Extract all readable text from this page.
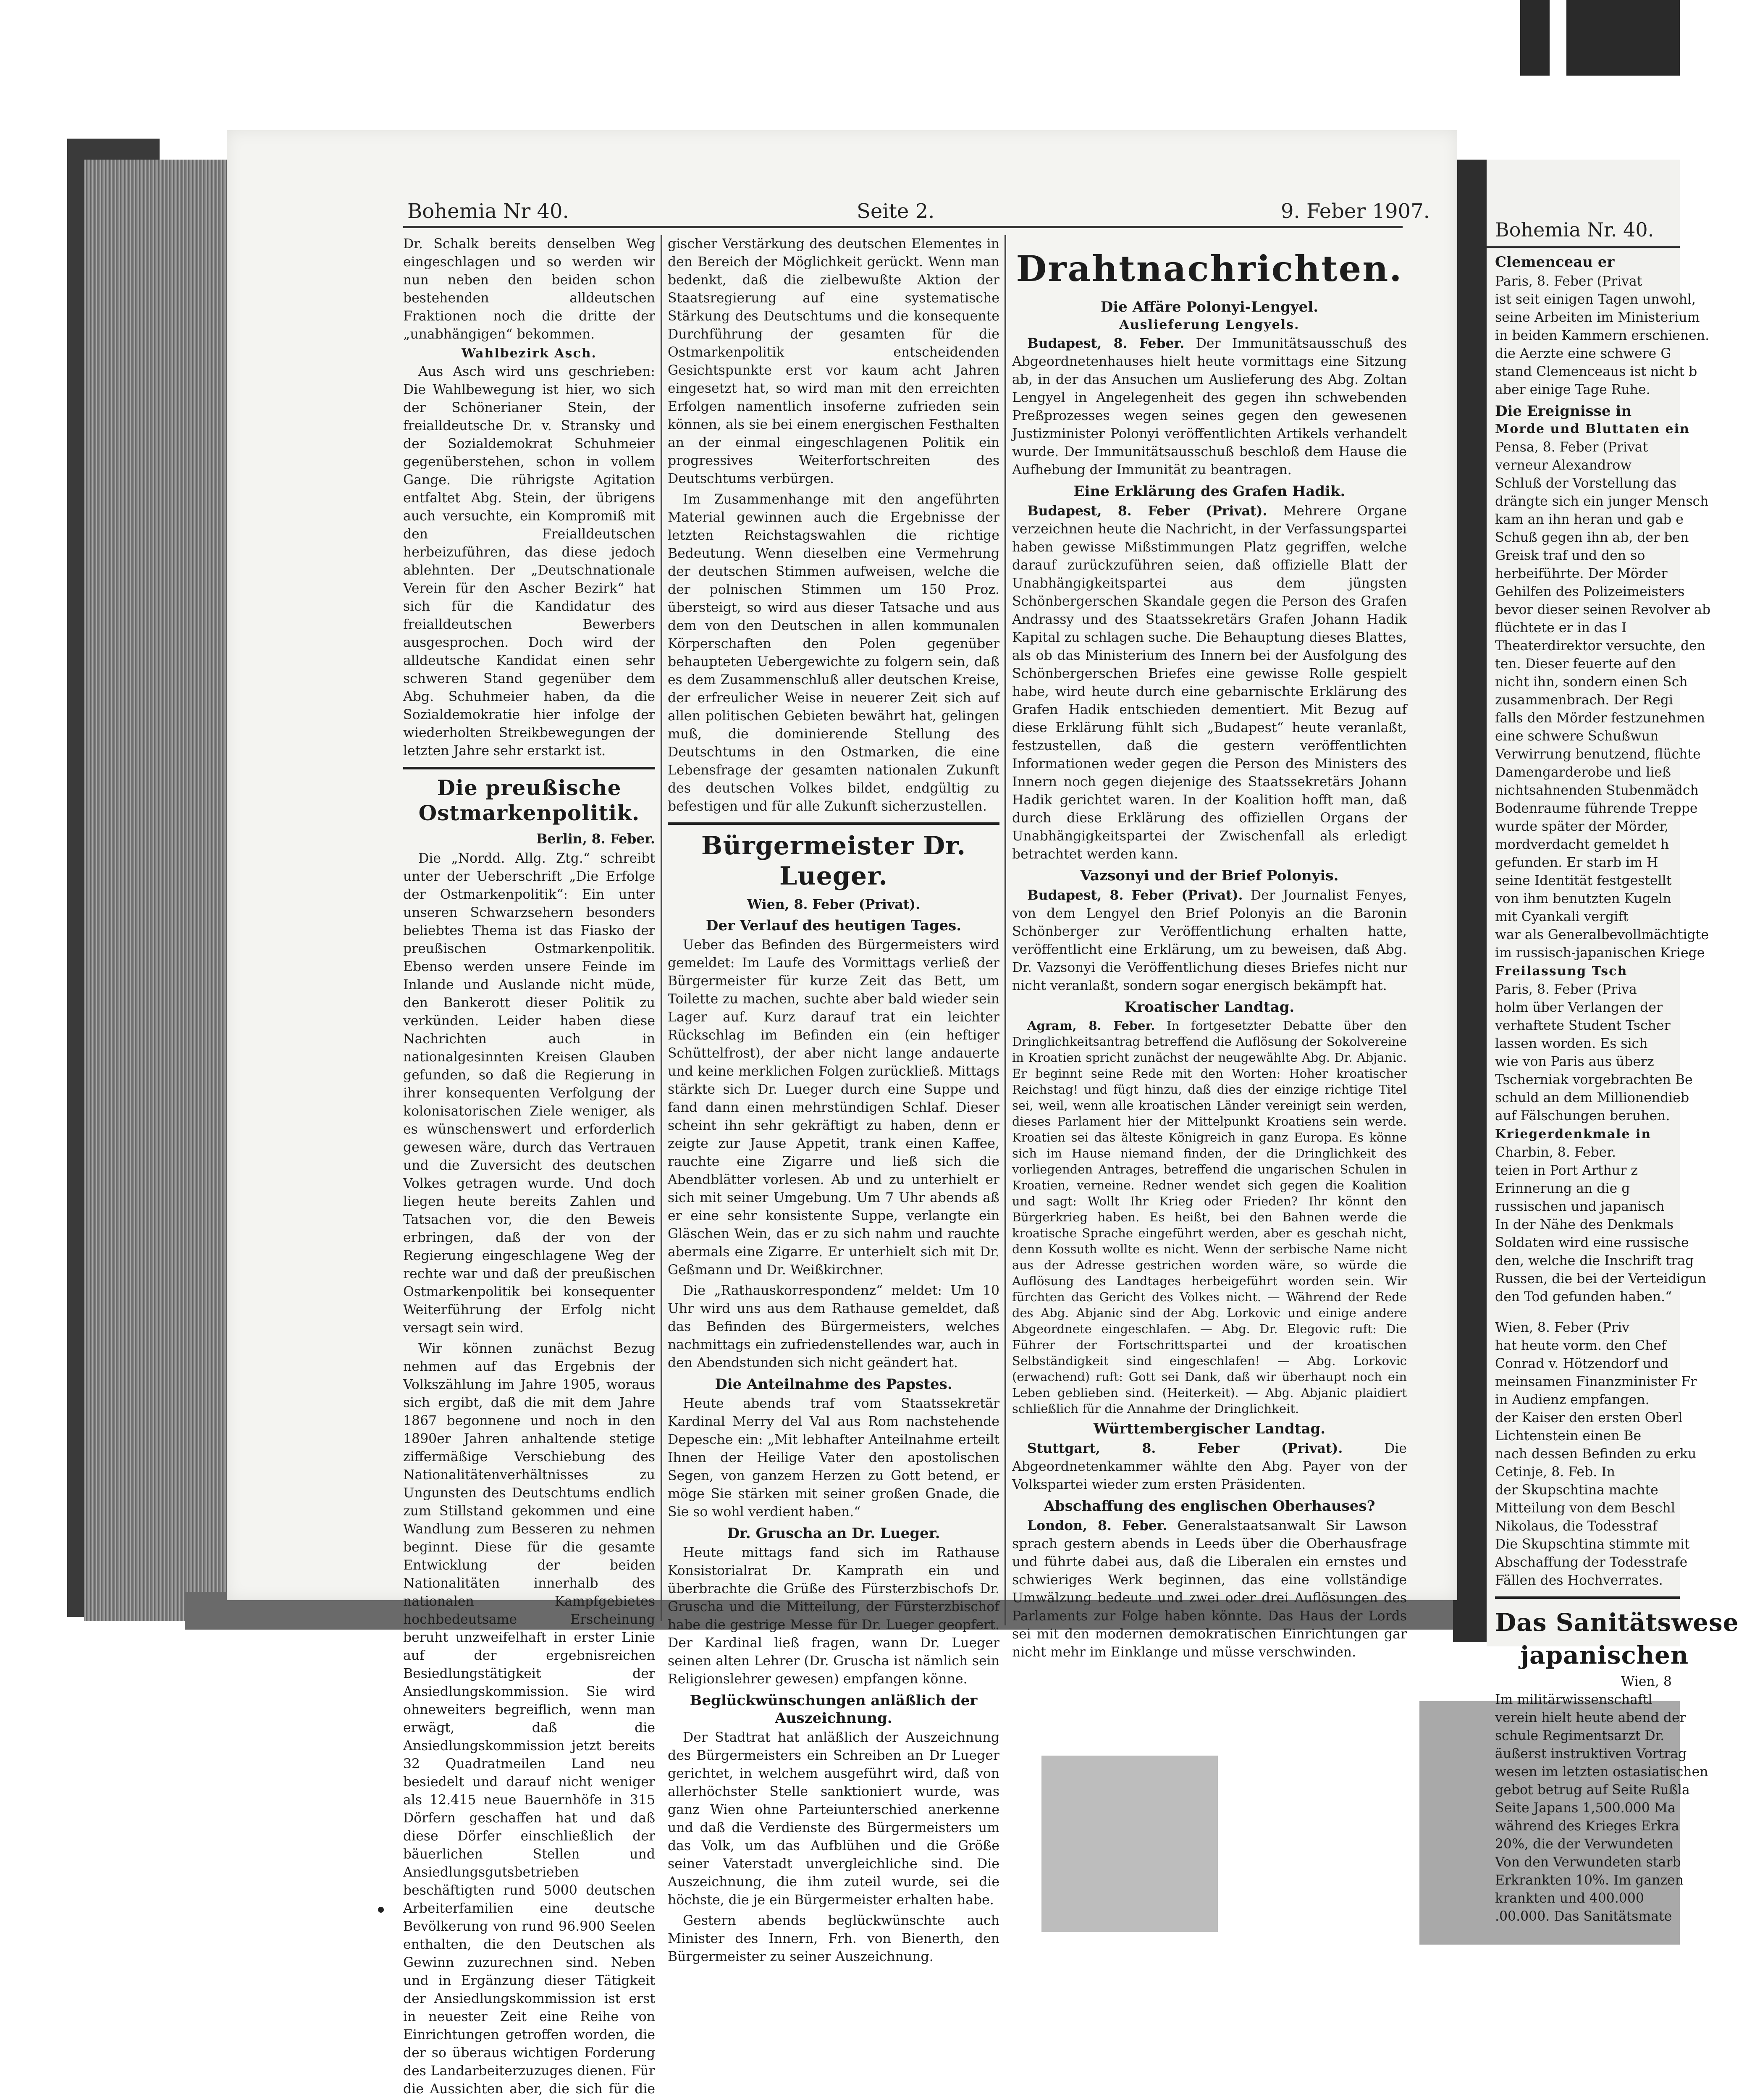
Bohemia Nr 40.	Seite 2.	9. Feber 1907.

Dr. Schalk bereits denselben Weg eingeschlagen und so werden wir nun neben den beiden schon bestehenden alldeutschen Fraktionen noch die dritte der „unabhängigen“ bekommen.

Wahlbezirk Asch.

Aus Asch wird uns geschrieben: Die Wahlbewegung ist hier, wo sich der Schönerianer Stein, der freialldeutsche Dr. v. Stransky und der Sozialdemokrat Schuhmeier gegenüberstehen, schon in vollem Gange. Die rührigste Agitation entfaltet Abg. Stein, der übrigens auch versuchte, ein Kompromiß mit den Freialldeutschen herbeizuführen, das diese jedoch ablehnten. Der „Deutschnationale Verein für den Ascher Bezirk“ hat sich für die Kandidatur des freialldeutschen Bewerbers ausgesprochen. Doch wird der alldeutsche Kandidat einen sehr schweren Stand gegenüber dem Abg. Schuhmeier haben, da die Sozialdemokratie hier infolge der wiederholten Streikbewegungen der letzten Jahre sehr erstarkt ist.

Die preußische Ostmarkenpolitik.
Berlin, 8. Feber.

Die „Nordd. Allg. Ztg.“ schreibt unter der Ueberschrift „Die Erfolge der Ostmarkenpolitik“: Ein unter unseren Schwarzsehern besonders beliebtes Thema ist das Fiasko der preußischen Ostmarkenpolitik. Ebenso werden unsere Feinde im Inlande und Auslande nicht müde, den Bankerott dieser Politik zu verkünden. Leider haben diese Nachrichten auch in nationalgesinnten Kreisen Glauben gefunden, so daß die Regierung in ihrer konsequenten Verfolgung der kolonisatorischen Ziele weniger, als es wünschenswert und erforderlich gewesen wäre, durch das Vertrauen und die Zuversicht des deutschen Volkes getragen wurde. Und doch liegen heute bereits Zahlen und Tatsachen vor, die den Beweis erbringen, daß der von der Regierung eingeschlagene Weg der rechte war und daß der preußischen Ostmarkenpolitik bei konsequenter Weiterführung der Erfolg nicht versagt sein wird.

Wir können zunächst Bezug nehmen auf das Ergebnis der Volkszählung im Jahre 1905, woraus sich ergibt, daß die mit dem Jahre 1867 begonnene und noch in den 1890er Jahren anhaltende stetige ziffermäßige Verschiebung des Nationalitätenverhältnisses zu Ungunsten des Deutschtums endlich zum Stillstand gekommen und eine Wandlung zum Besseren zu nehmen beginnt. Diese für die gesamte Entwicklung der beiden Nationalitäten innerhalb des nationalen Kampfgebietes hochbedeutsame Erscheinung beruht unzweifelhaft in erster Linie auf der ergebnisreichen Besiedlungstätigkeit der Ansiedlungskommission. Sie wird ohneweiters begreiflich, wenn man erwägt, daß die Ansiedlungskommission jetzt bereits 32 Quadratmeilen Land neu besiedelt und darauf nicht weniger als 12.415 neue Bauernhöfe in 315 Dörfern geschaffen hat und daß diese Dörfer einschließlich der bäuerlichen Stellen und Ansiedlungsgutsbetrieben beschäftigten rund 5000 deutschen Arbeiterfamilien eine deutsche Bevölkerung von rund 96.900 Seelen enthalten, die den Deutschen als Gewinn zuzurechnen sind. Neben und in Ergänzung dieser Tätigkeit der Ansiedlungskommission ist erst in neuester Zeit eine Reihe von Einrichtungen getroffen worden, die der so überaus wichtigen Forderung des Landarbeiterzuzuges dienen. Für die Aussichten aber, die sich für die

gischer Verstärkung des deutschen Elementes in den Bereich der Möglichkeit gerückt. Wenn man bedenkt, daß die zielbewußte Aktion der Staatsregierung auf eine systematische Stärkung des Deutschtums und die konsequente Durchführung der gesamten für die Ostmarkenpolitik entscheidenden Gesichtspunkte erst vor kaum acht Jahren eingesetzt hat, so wird man mit den erreichten Erfolgen namentlich insoferne zufrieden sein können, als sie bei einem energischen Festhalten an der einmal eingeschlagenen Politik ein progressives Weiterfortschreiten des Deutschtums verbürgen.

Im Zusammenhange mit den angeführten Material gewinnen auch die Ergebnisse der letzten Reichstagswahlen die richtige Bedeutung. Wenn dieselben eine Vermehrung der deutschen Stimmen aufweisen, welche die der polnischen Stimmen um 150 Proz. übersteigt, so wird aus dieser Tatsache und aus dem von den Deutschen in allen kommunalen Körperschaften den Polen gegenüber behaupteten Uebergewichte zu folgern sein, daß es dem Zusammenschluß aller deutschen Kreise, der erfreulicher Weise in neuerer Zeit sich auf allen politischen Gebieten bewährt hat, gelingen muß, die dominierende Stellung des Deutschtums in den Ostmarken, die eine Lebensfrage der gesamten nationalen Zukunft des deutschen Volkes bildet, endgültig zu befestigen und für alle Zukunft sicherzustellen.

Bürgermeister Dr. Lueger.
Wien, 8. Feber (Privat).
Der Verlauf des heutigen Tages.

Ueber das Befinden des Bürgermeisters wird gemeldet: Im Laufe des Vormittags verließ der Bürgermeister für kurze Zeit das Bett, um Toilette zu machen, suchte aber bald wieder sein Lager auf. Kurz darauf trat ein leichter Rückschlag im Befinden ein (ein heftiger Schüttelfrost), der aber nicht lange andauerte und keine merklichen Folgen zurückließ. Mittags stärkte sich Dr. Lueger durch eine Suppe und fand dann einen mehrstündigen Schlaf. Dieser scheint ihn sehr gekräftigt zu haben, denn er zeigte zur Jause Appetit, trank einen Kaffee, rauchte eine Zigarre und ließ sich die Abendblätter vorlesen. Ab und zu unterhielt er sich mit seiner Umgebung. Um 7 Uhr abends aß er eine sehr konsistente Suppe, verlangte ein Gläschen Wein, das er zu sich nahm und rauchte abermals eine Zigarre. Er unterhielt sich mit Dr. Geßmann und Dr. Weißkirchner.

Die „Rathauskorrespondenz“ meldet: Um 10 Uhr wird uns aus dem Rathause gemeldet, daß das Befinden des Bürgermeisters, welches nachmittags ein zufriedenstellendes war, auch in den Abendstunden sich nicht geändert hat.

Die Anteilnahme des Papstes.

Heute abends traf vom Staatssekretär Kardinal Merry del Val aus Rom nachstehende Depesche ein: „Mit lebhafter Anteilnahme erteilt Ihnen der Heilige Vater den apostolischen Segen, von ganzem Herzen zu Gott betend, er möge Sie stärken mit seiner großen Gnade, die Sie so wohl verdient haben.“

Dr. Gruscha an Dr. Lueger.

Heute mittags fand sich im Rathause Konsistorialrat Dr. Kamprath ein und überbrachte die Grüße des Fürsterzbischofs Dr. Gruscha und die Mitteilung, der Fürsterzbischof habe die gestrige Messe für Dr. Lueger geopfert. Der Kardinal ließ fragen, wann Dr. Lueger seinen alten Lehrer (Dr. Gruscha ist nämlich sein Religionslehrer gewesen) empfangen könne.

Beglückwünschungen anläßlich der Auszeichnung.

Der Stadtrat hat anläßlich der Auszeichnung des Bürgermeisters ein Schreiben an Dr Lueger gerichtet, in welchem ausgeführt wird, daß von allerhöchster Stelle sanktioniert wurde, was ganz Wien ohne Parteiunterschied anerkenne und daß die Verdienste des Bürgermeisters um das Volk, um das Aufblühen und die Größe seiner Vaterstadt unvergleichliche sind. Die Auszeichnung, die ihm zuteil wurde, sei die höchste, die je ein Bürgermeister erhalten habe.

Gestern abends beglückwünschte auch Minister des Innern, Frh. von Bienerth, den Bürgermeister zu seiner Auszeichnung.

Drahtnachrichten.
Die Affäre Polonyi-Lengyel.
Auslieferung Lengyels.

Budapest, 8. Feber. Der Immunitätsausschuß des Abgeordnetenhauses hielt heute vormittags eine Sitzung ab, in der das Ansuchen um Auslieferung des Abg. Zoltan Lengyel in Angelegenheit des gegen ihn schwebenden Preßprozesses wegen seines gegen den gewesenen Justizminister Polonyi veröffentlichten Artikels verhandelt wurde. Der Immunitätsausschuß beschloß dem Hause die Aufhebung der Immunität zu beantragen.

Eine Erklärung des Grafen Hadik.

Budapest, 8. Feber (Privat). Mehrere Organe verzeichnen heute die Nachricht, in der Verfassungspartei haben gewisse Mißstimmungen Platz gegriffen, welche darauf zurückzuführen seien, daß offizielle Blatt der Unabhängigkeitspartei aus dem jüngsten Schönbergerschen Skandale gegen die Person des Grafen Andrassy und des Staatssekretärs Grafen Johann Hadik Kapital zu schlagen suche. Die Behauptung dieses Blattes, als ob das Ministerium des Innern bei der Ausfolgung des Schönbergerschen Briefes eine gewisse Rolle gespielt habe, wird heute durch eine gebarnischte Erklärung des Grafen Hadik entschieden dementiert. Mit Bezug auf diese Erklärung fühlt sich „Budapest“ heute veranlaßt, festzustellen, daß die gestern veröffentlichten Informationen weder gegen die Person des Ministers des Innern noch gegen diejenige des Staatssekretärs Johann Hadik gerichtet waren. In der Koalition hofft man, daß durch diese Erklärung des offiziellen Organs der Unabhängigkeitspartei der Zwischenfall als erledigt betrachtet werden kann.

Vazsonyi und der Brief Polonyis.

Budapest, 8. Feber (Privat). Der Journalist Fenyes, von dem Lengyel den Brief Polonyis an die Baronin Schönberger zur Veröffentlichung erhalten hatte, veröffentlicht eine Erklärung, um zu beweisen, daß Abg. Dr. Vazsonyi die Veröffentlichung dieses Briefes nicht nur nicht veranlaßt, sondern sogar energisch bekämpft hat.

Kroatischer Landtag.

Agram, 8. Feber. In fortgesetzter Debatte über den Dringlichkeitsantrag betreffend die Auflösung der Sokolvereine in Kroatien spricht zunächst der neugewählte Abg. Dr. Abjanic. Er beginnt seine Rede mit den Worten: Hoher kroatischer Reichstag! und fügt hinzu, daß dies der einzige richtige Titel sei, weil, wenn alle kroatischen Länder vereinigt sein werden, dieses Parlament hier der Mittelpunkt Kroatiens sein werde. Kroatien sei das älteste Königreich in ganz Europa. Es könne sich im Hause niemand finden, der die Dringlichkeit des vorliegenden Antrages, betreffend die ungarischen Schulen in Kroatien, verneine. Redner wendet sich gegen die Koalition und sagt: Wollt Ihr Krieg oder Frieden? Ihr könnt den Bürgerkrieg haben. Es heißt, bei den Bahnen werde die kroatische Sprache eingeführt werden, aber es geschah nicht, denn Kossuth wollte es nicht. Wenn der serbische Name nicht aus der Adresse gestrichen worden wäre, so würde die Auflösung des Landtages herbeigeführt worden sein. Wir fürchten das Gericht des Volkes nicht. — Während der Rede des Abg. Abjanic sind der Abg. Lorkovic und einige andere Abgeordnete eingeschlafen. — Abg. Dr. Elegovic ruft: Die Führer der Fortschrittspartei und der kroatischen Selbständigkeit sind eingeschlafen! — Abg. Lorkovic (erwachend) ruft: Gott sei Dank, daß wir überhaupt noch ein Leben geblieben sind. (Heiterkeit). — Abg. Abjanic plaidiert schließlich für die Annahme der Dringlichkeit.

Württembergischer Landtag.

Stuttgart, 8. Feber (Privat).	Die Abgeordnetenkammer wählte den Abg. Payer von der Volkspartei wieder zum ersten Präsidenten.

Abschaffung des englischen Oberhauses?

London, 8. Feber. Generalstaatsanwalt Sir Lawson sprach gestern abends in Leeds über die Oberhausfrage und führte dabei aus, daß die Liberalen ein ernstes und schwieriges Werk beginnen, das eine vollständige Umwälzung bedeute und zwei oder drei Auflösungen des Parlaments zur Folge haben könnte. Das Haus der Lords sei mit den modernen demokratischen Einrichtungen gar nicht mehr im Einklange und müsse verschwinden.

Bohemia Nr. 40.
Clemenceau er
Paris, 8. Feber (Privat
ist seit einigen Tagen unwohl,
seine Arbeiten im Ministerium
in beiden Kammern erschienen.
die Aerzte eine schwere G
stand Clemenceaus ist nicht b
aber einige Tage Ruhe.
Die Ereignisse in
Morde und Bluttaten ein
Pensa, 8. Feber (Privat
verneur Alexandrow
Schluß der Vorstellung das
drängte sich ein junger Mensch
kam an ihn heran und gab e
Schuß gegen ihn ab, der ben
Greisk traf und den so
herbeiführte. Der Mörder
Gehilfen des Polizeimeisters
bevor dieser seinen Revolver ab
flüchtete er in das I
Theaterdirektor versuchte, den
ten. Dieser feuerte auf den
nicht ihn, sondern einen Sch
zusammenbrach. Der Regi
falls den Mörder festzunehmen
eine schwere Schußwun
Verwirrung benutzend, flüchte
Damengarderobe und ließ
nichtsahnenden Stubenmädch
Bodenraume führende Treppe
wurde später der Mörder,
mordverdacht gemeldet h
gefunden. Er starb im H
seine Identität festgestellt
von ihm benutzten Kugeln
mit Cyankali vergift
war als Generalbevollmächtigte
im russisch-japanischen Kriege
Freilassung Tsch
Paris, 8. Feber (Priva
holm über Verlangen der
verhaftete Student Tscher
lassen worden. Es sich
wie von Paris aus überz
Tscherniak vorgebrachten Be
schuld an dem Millionendieb
auf Fälschungen beruhen.
Kriegerdenkmale in
Charbin, 8. Feber.
teien in Port Arthur z
Erinnerung an die g
russischen und japanisch
In der Nähe des Denkmals
Soldaten wird eine russische
den, welche die Inschrift trag
Russen, die bei der Verteidigun
den Tod gefunden haben.“
Wien, 8. Feber (Priv
hat heute vorm. den Chef
Conrad v. Hötzendorf und
meinsamen Finanzminister Fr
in Audienz empfangen.
der Kaiser den ersten Oberl
Lichtenstein einen Be
nach dessen Befinden zu erku
Cetinje, 8. Feb. In
der Skupschtina machte
Mitteilung von dem Beschl
Nikolaus, die Todesstraf
Die Skupschtina stimmte mit
Abschaffung der Todesstrafe
Fällen des Hochverrates.
Das Sanitätswese
japanischen
Wien, 8
Im militärwissenschaftl
verein hielt heute abend der
schule Regimentsarzt Dr.
äußerst instruktiven Vortrag
wesen im letzten ostasiatischen
gebot betrug auf Seite Rußla
Seite Japans 1,500.000 Ma
während des Krieges Erkra
20%, die der Verwundeten
Von den Verwundeten starb
Erkrankten 10%. Im ganzen
krankten und 400.000
.00.000. Das Sanitätsmate
